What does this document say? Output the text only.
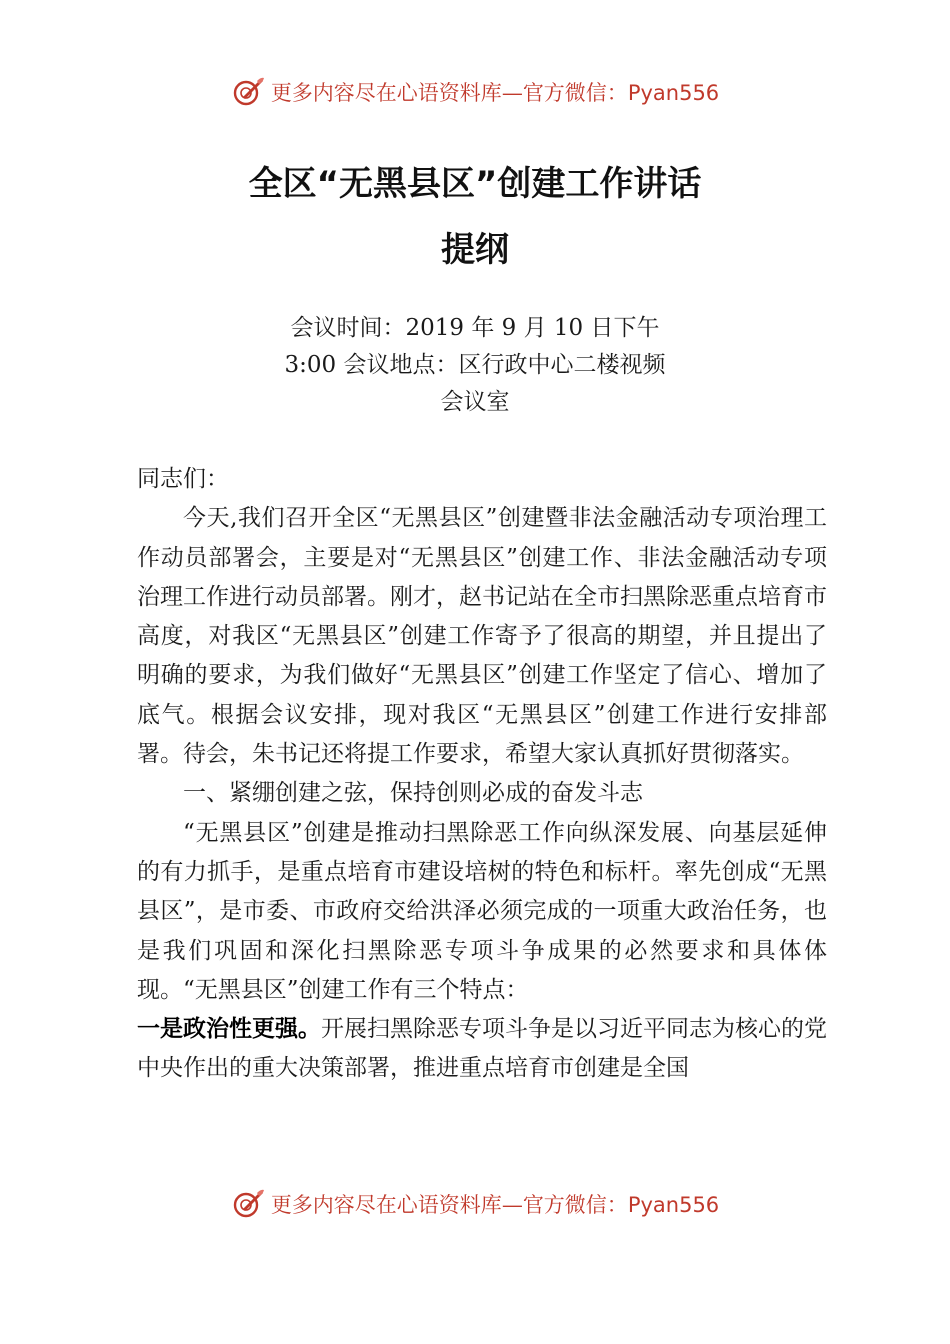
更多内容尽在心语资料库—官方微信：Pyan556
全区“无黑县区”创建工作讲话
提纲
会议时间：2019 年 9 月 10 日下午
3:00 会议地点：区行政中心二楼视频
会议室

同志们：

今天,我们召开全区“无黑县区”创建暨非法金融活动专项治理工作动员部署会，主要是对“无黑县区”创建工作、非法金融活动专项治理工作进行动员部署。刚才，赵书记站在全市扫黑除恶重点培育市高度，对我区“无黑县区”创建工作寄予了很高的期望，并且提出了明确的要求，为我们做好“无黑县区”创建工作坚定了信心、增加了底气。根据会议安排，现对我区“无黑县区”创建工作进行安排部署。待会，朱书记还将提工作要求，希望大家认真抓好贯彻落实。

一、紧绷创建之弦，保持创则必成的奋发斗志

“无黑县区”创建是推动扫黑除恶工作向纵深发展、向基层延伸的有力抓手，是重点培育市建设培树的特色和标杆。率先创成“无黑县区”，是市委、市政府交给洪泽必须完成的一项重大政治任务，也是我们巩固和深化扫黑除恶专项斗争成果的必然要求和具体体现。“无黑县区”创建工作有三个特点：

一是政治性更强。开展扫黑除恶专项斗争是以习近平同志为核心的党中央作出的重大决策部署，推进重点培育市创建是全国

更多内容尽在心语资料库—官方微信：Pyan556
